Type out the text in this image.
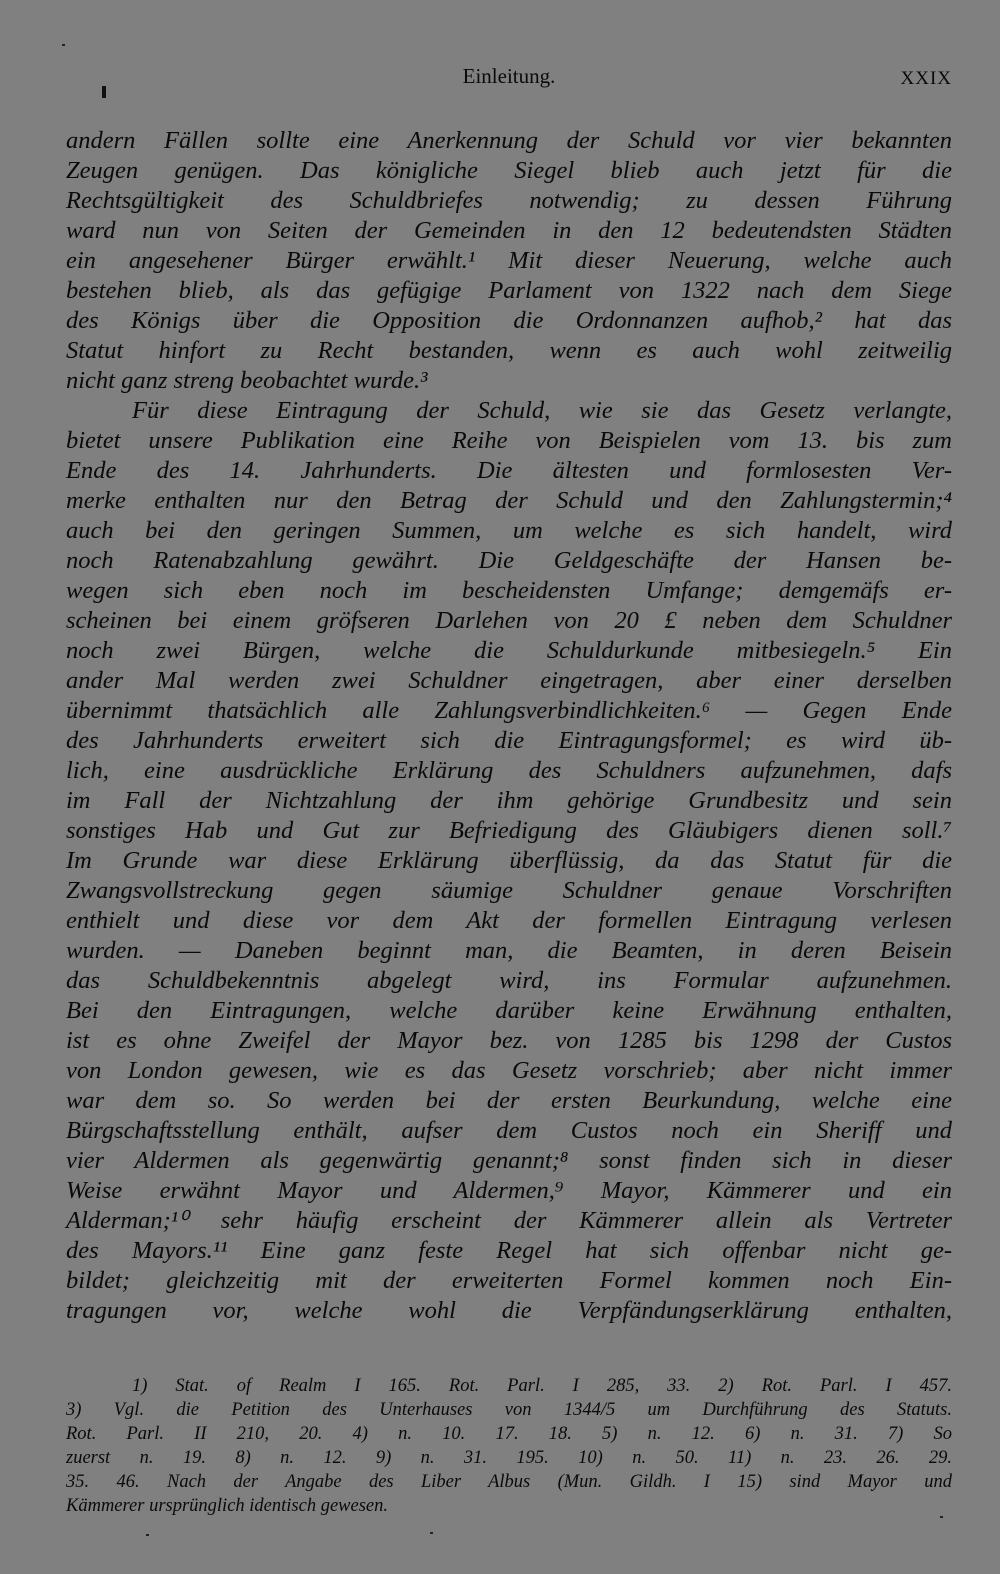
Einleitung.	XXIX
andern Fällen sollte eine Anerkennung der Schuld vor vier bekannten
Zeugen genügen. Das königliche Siegel blieb auch jetzt für die
Rechtsgültigkeit des Schuldbriefes notwendig; zu dessen Führung
ward nun von Seiten der Gemeinden in den 12 bedeutendsten Städten
ein angesehener Bürger erwählt.¹ Mit dieser Neuerung, welche auch
bestehen blieb, als das gefügige Parlament von 1322 nach dem Siege
des Königs über die Opposition die Ordonnanzen aufhob,² hat das
Statut hinfort zu Recht bestanden, wenn es auch wohl zeitweilig
nicht ganz streng beobachtet wurde.³
Für diese Eintragung der Schuld, wie sie das Gesetz verlangte,
bietet unsere Publikation eine Reihe von Beispielen vom 13. bis zum
Ende des 14. Jahrhunderts. Die ältesten und formlosesten Ver-
merke enthalten nur den Betrag der Schuld und den Zahlungstermin;⁴
auch bei den geringen Summen, um welche es sich handelt, wird
noch Ratenabzahlung gewährt. Die Geldgeschäfte der Hansen be-
wegen sich eben noch im bescheidensten Umfange; demgemäfs er-
scheinen bei einem gröfseren Darlehen von 20 £ neben dem Schuldner
noch zwei Bürgen, welche die Schuldurkunde mitbesiegeln.⁵ Ein
ander Mal werden zwei Schuldner eingetragen, aber einer derselben
übernimmt thatsächlich alle Zahlungsverbindlichkeiten.⁶ — Gegen Ende
des Jahrhunderts erweitert sich die Eintragungsformel; es wird üb-
lich, eine ausdrückliche Erklärung des Schuldners aufzunehmen, dafs
im Fall der Nichtzahlung der ihm gehörige Grundbesitz und sein
sonstiges Hab und Gut zur Befriedigung des Gläubigers dienen soll.⁷
Im Grunde war diese Erklärung überflüssig, da das Statut für die
Zwangsvollstreckung gegen säumige Schuldner genaue Vorschriften
enthielt und diese vor dem Akt der formellen Eintragung verlesen
wurden. — Daneben beginnt man, die Beamten, in deren Beisein
das Schuldbekenntnis abgelegt wird, ins Formular aufzunehmen.
Bei den Eintragungen, welche darüber keine Erwähnung enthalten,
ist es ohne Zweifel der Mayor bez. von 1285 bis 1298 der Custos
von London gewesen, wie es das Gesetz vorschrieb; aber nicht immer
war dem so. So werden bei der ersten Beurkundung, welche eine
Bürgschaftsstellung enthält, aufser dem Custos noch ein Sheriff und
vier Aldermen als gegenwärtig genannt;⁸ sonst finden sich in dieser
Weise erwähnt Mayor und Aldermen,⁹ Mayor, Kämmerer und ein
Alderman;¹⁰ sehr häufig erscheint der Kämmerer allein als Vertreter
des Mayors.¹¹ Eine ganz feste Regel hat sich offenbar nicht ge-
bildet; gleichzeitig mit der erweiterten Formel kommen noch Ein-
tragungen vor, welche wohl die Verpfändungserklärung enthalten,
1) Stat. of Realm I 165. Rot. Parl. I 285, 33. 2) Rot. Parl. I 457.
3) Vgl. die Petition des Unterhauses von 1344/5 um Durchführung des Statuts.
Rot. Parl. II 210, 20. 4) n. 10. 17. 18. 5) n. 12. 6) n. 31. 7) So
zuerst n. 19. 8) n. 12. 9) n. 31. 195. 10) n. 50. 11) n. 23. 26. 29.
35. 46. Nach der Angabe des Liber Albus (Mun. Gildh. I 15) sind Mayor und
Kämmerer ursprünglich identisch gewesen.
